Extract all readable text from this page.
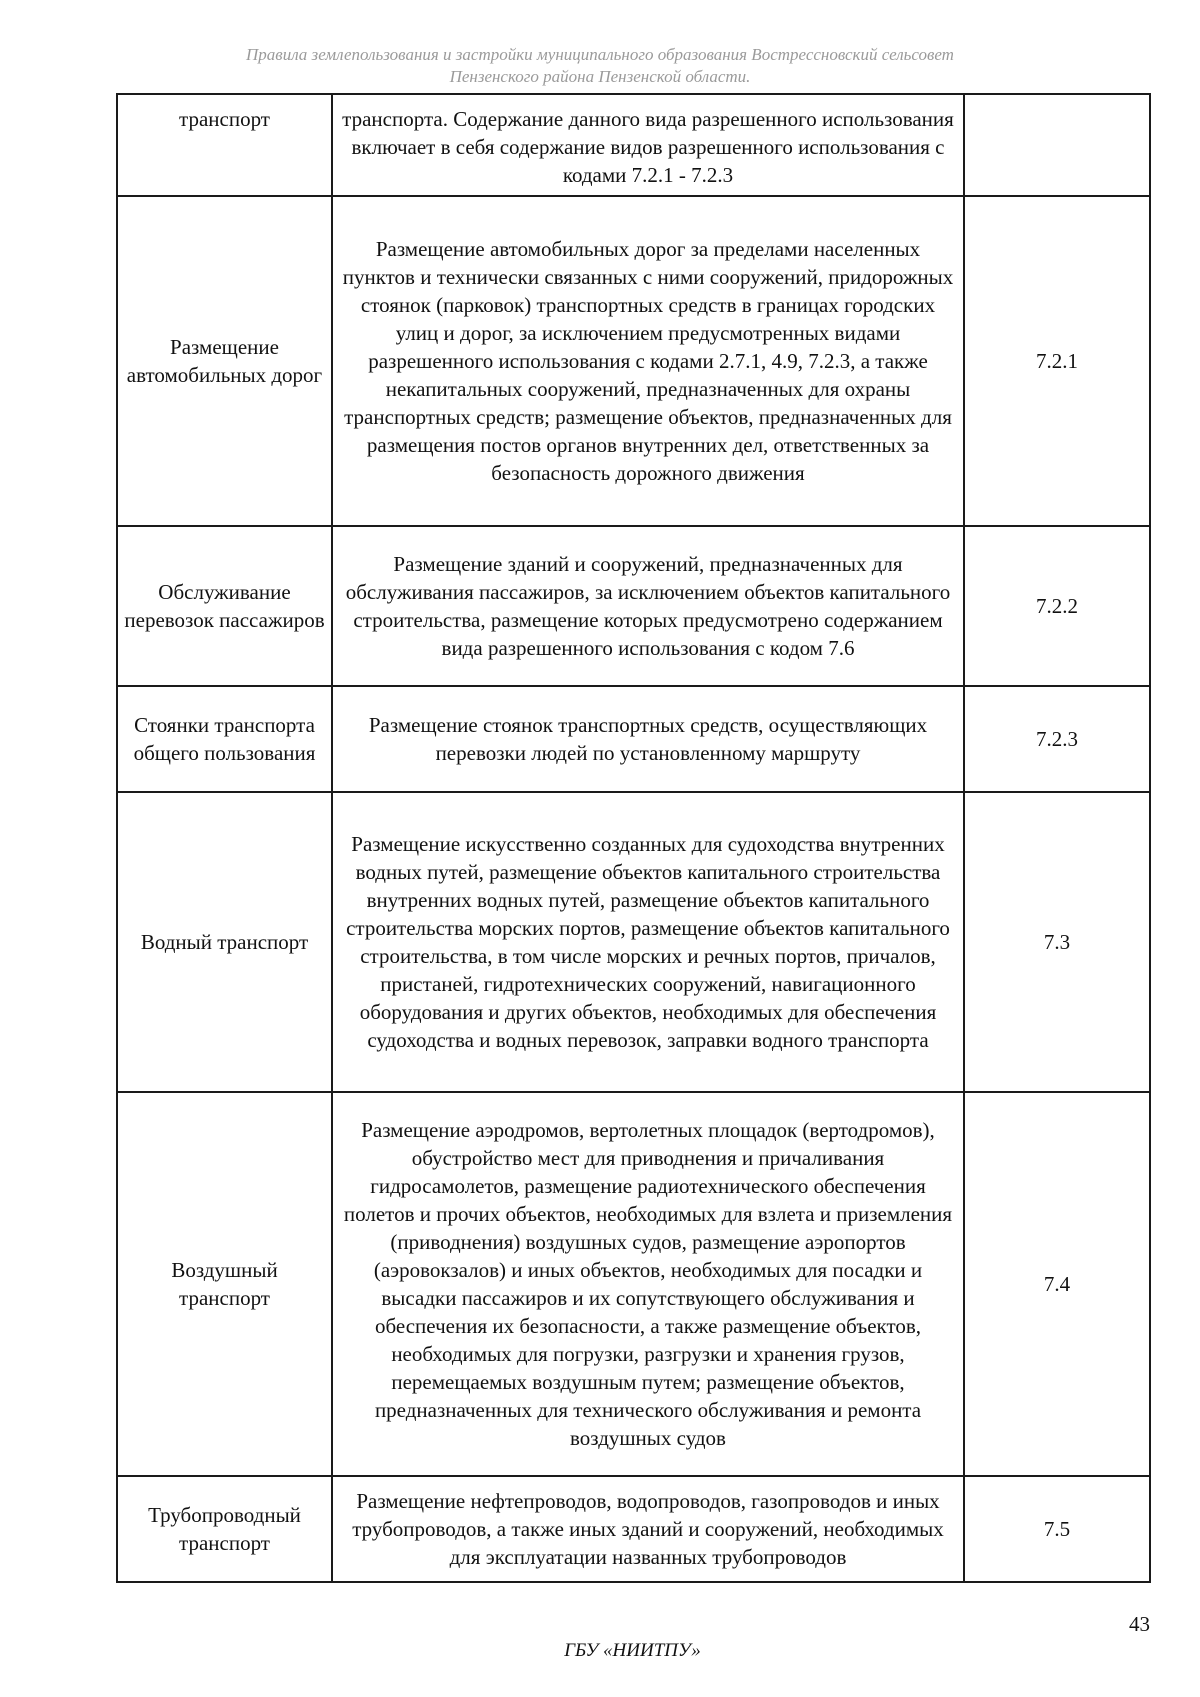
Правила землепользования и застройки муниципального образования Вострессновский сельсовет
Пензенского района Пензенской области.
транспорт	транспорта. Содержание данного вида разрешенного использования включает в себя содержание видов разрешенного использования с кодами 7.2.1 - 7.2.3	
Размещение автомобильных дорог	Размещение автомобильных дорог за пределами населенных пунктов и технически связанных с ними сооружений, придорожных стоянок (парковок) транспортных средств в границах городских улиц и дорог, за исключением предусмотренных видами разрешенного использования с кодами 2.7.1, 4.9, 7.2.3, а также некапитальных сооружений, предназначенных для охраны транспортных средств; размещение объектов, предназначенных для размещения постов органов внутренних дел, ответственных за безопасность дорожного движения	7.2.1
Обслуживание перевозок пассажиров	Размещение зданий и сооружений, предназначенных для обслуживания пассажиров, за исключением объектов капитального строительства, размещение которых предусмотрено содержанием вида разрешенного использования с кодом 7.6	7.2.2
Стоянки транспорта общего пользования	Размещение стоянок транспортных средств, осуществляющих перевозки людей по установленному маршруту	7.2.3
Водный транспорт	Размещение искусственно созданных для судоходства внутренних водных путей, размещение объектов капитального строительства внутренних водных путей, размещение объектов капитального строительства морских портов, размещение объектов капитального строительства, в том числе морских и речных портов, причалов, пристаней, гидротехнических сооружений, навигационного оборудования и других объектов, необходимых для обеспечения судоходства и водных перевозок, заправки водного транспорта	7.3
Воздушный транспорт	Размещение аэродромов, вертолетных площадок (вертодромов), обустройство мест для приводнения и причаливания гидросамолетов, размещение радиотехнического обеспечения полетов и прочих объектов, необходимых для взлета и приземления (приводнения) воздушных судов, размещение аэропортов (аэровокзалов) и иных объектов, необходимых для посадки и высадки пассажиров и их сопутствующего обслуживания и обеспечения их безопасности, а также размещение объектов, необходимых для погрузки, разгрузки и хранения грузов, перемещаемых воздушным путем; размещение объектов, предназначенных для технического обслуживания и ремонта воздушных судов	7.4
Трубопроводный транспорт	Размещение нефтепроводов, водопроводов, газопроводов и иных трубопроводов, а также иных зданий и сооружений, необходимых для эксплуатации названных трубопроводов	7.5

43

ГБУ «НИИТПУ»
